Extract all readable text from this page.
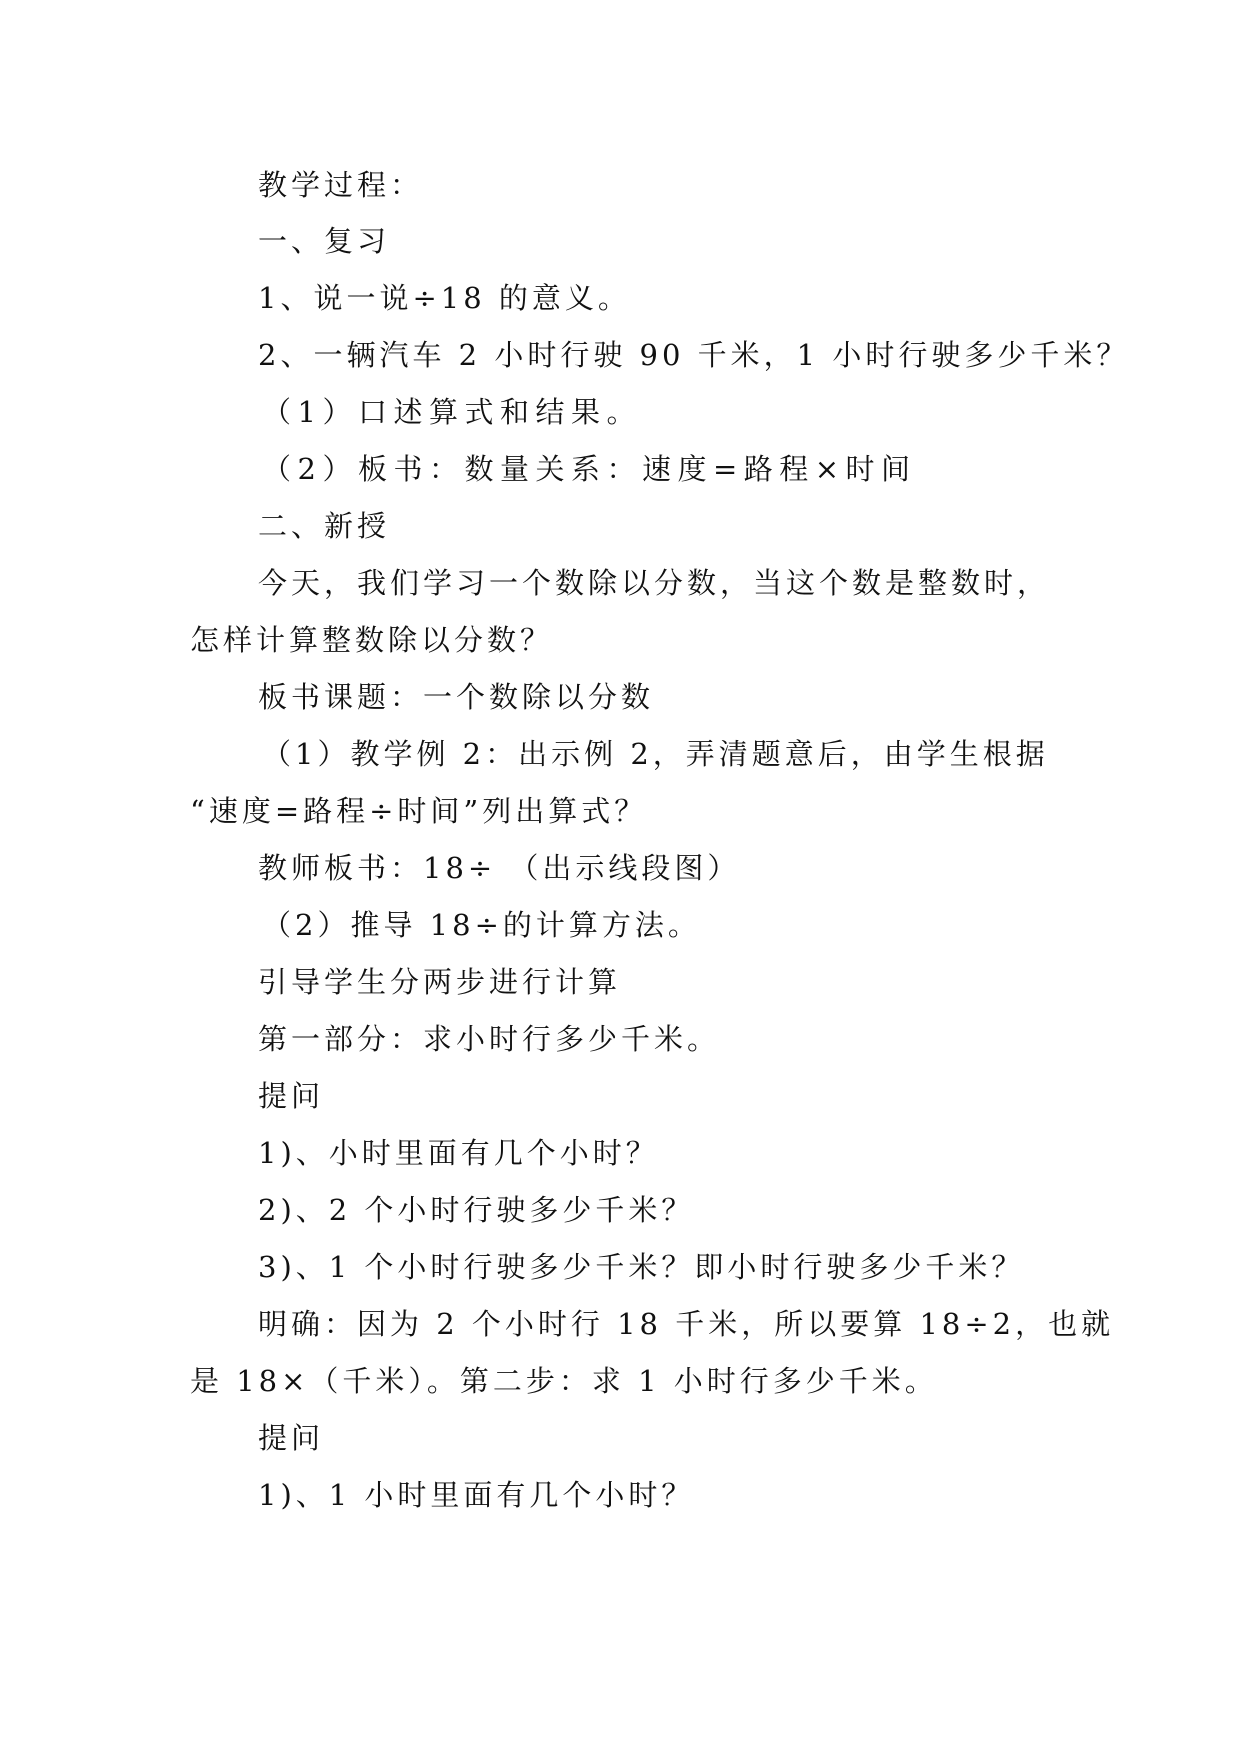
教学过程：
一、复习
1、说一说÷18 的意义。
2、一辆汽车 2 小时行驶 90 千米，1 小时行驶多少千米？
（1）口述算式和结果。
（2）板书：数量关系：速度=路程×时间
二、新授
今天，我们学习一个数除以分数，当这个数是整数时，
怎样计算整数除以分数？
板书课题：一个数除以分数
（1）教学例 2：出示例 2，弄清题意后，由学生根据
“速度=路程÷时间”列出算式？
教师板书：18÷ （出示线段图）
（2）推导 18÷的计算方法。
引导学生分两步进行计算
第一部分：求小时行多少千米。
提问
1)、小时里面有几个小时？
2)、2 个小时行驶多少千米？
3)、1 个小时行驶多少千米？即小时行驶多少千米？
明确：因为 2 个小时行 18 千米，所以要算 18÷2，也就
是 18×（千米）。第二步：求 1 小时行多少千米。
提问
1)、1 小时里面有几个小时？
